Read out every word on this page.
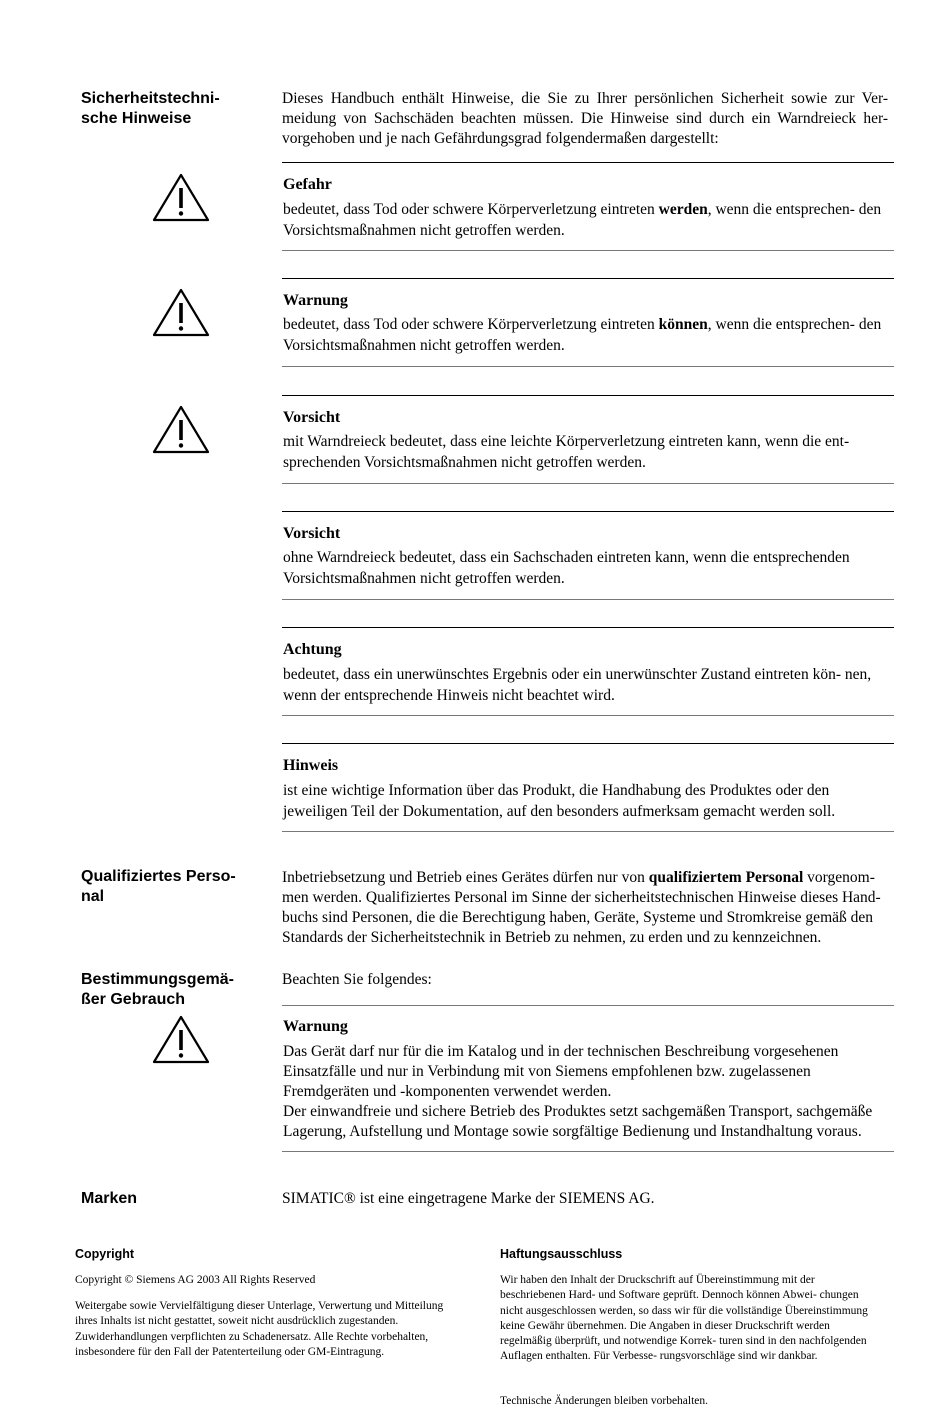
Sicherheitstechni-
sche Hinweise
Dieses Handbuch enthält Hinweise, die Sie zu Ihrer persönlichen Sicherheit sowie zur Ver- meidung von Sachschäden beachten müssen. Die Hinweise sind durch ein Warndreieck her- vorgehoben und je nach Gefährdungsgrad folgendermaßen dargestellt:
Gefahr
bedeutet, dass Tod oder schwere Körperverletzung eintreten werden, wenn die entsprechen- den Vorsichtsmaßnahmen nicht getroffen werden.
Warnung
bedeutet, dass Tod oder schwere Körperverletzung eintreten können, wenn die entsprechen- den Vorsichtsmaßnahmen nicht getroffen werden.
Vorsicht
mit Warndreieck bedeutet, dass eine leichte Körperverletzung eintreten kann, wenn die ent- sprechenden Vorsichtsmaßnahmen nicht getroffen werden.
Vorsicht
ohne Warndreieck bedeutet, dass ein Sachschaden eintreten kann, wenn die entsprechenden Vorsichtsmaßnahmen nicht getroffen werden.
Achtung
bedeutet, dass ein unerwünschtes Ergebnis oder ein unerwünschter Zustand eintreten kön- nen, wenn der entsprechende Hinweis nicht beachtet wird.
Hinweis
ist eine wichtige Information über das Produkt, die Handhabung des Produktes oder den jeweiligen Teil der Dokumentation, auf den besonders aufmerksam gemacht werden soll.
Qualifiziertes Perso-
nal
Inbetriebsetzung und Betrieb eines Gerätes dürfen nur von qualifiziertem Personal vorgenom- men werden. Qualifiziertes Personal im Sinne der sicherheitstechnischen Hinweise dieses Hand- buchs sind Personen, die die Berechtigung haben, Geräte, Systeme und Stromkreise gemäß den Standards der Sicherheitstechnik in Betrieb zu nehmen, zu erden und zu kennzeichnen.
Bestimmungsgemä-
ßer Gebrauch
Beachten Sie folgendes:
Warnung
Das Gerät darf nur für die im Katalog und in der technischen Beschreibung vorgesehenen Einsatzfälle und nur in Verbindung mit von Siemens empfohlenen bzw. zugelassenen Fremdgeräten und -komponenten verwendet werden.
Der einwandfreie und sichere Betrieb des Produktes setzt sachgemäßen Transport, sachgemäße Lagerung, Aufstellung und Montage sowie sorgfältige Bedienung und Instandhaltung voraus.
Marken	SIMATIC® ist eine eingetragene Marke der SIEMENS AG.
Copyright
Copyright © Siemens AG 2003 All Rights Reserved
Weitergabe sowie Vervielfältigung dieser Unterlage, Verwertung und Mitteilung ihres Inhalts ist nicht gestattet, soweit nicht ausdrücklich zugestanden. Zuwiderhandlungen verpflichten zu Schadenersatz. Alle Rechte vorbehalten, insbesondere für den Fall der Patenterteilung oder GM-Eintragung.
Haftungsausschluss
Wir haben den Inhalt der Druckschrift auf Übereinstimmung mit der beschriebenen Hard- und Software geprüft. Dennoch können Abwei- chungen nicht ausgeschlossen werden, so dass wir für die vollständige Übereinstimmung keine Gewähr übernehmen. Die Angaben in dieser Druckschrift werden regelmäßig überprüft, und notwendige Korrek- turen sind in den nachfolgenden Auflagen enthalten. Für Verbesse- rungsvorschläge sind wir dankbar.
Technische Änderungen bleiben vorbehalten.
